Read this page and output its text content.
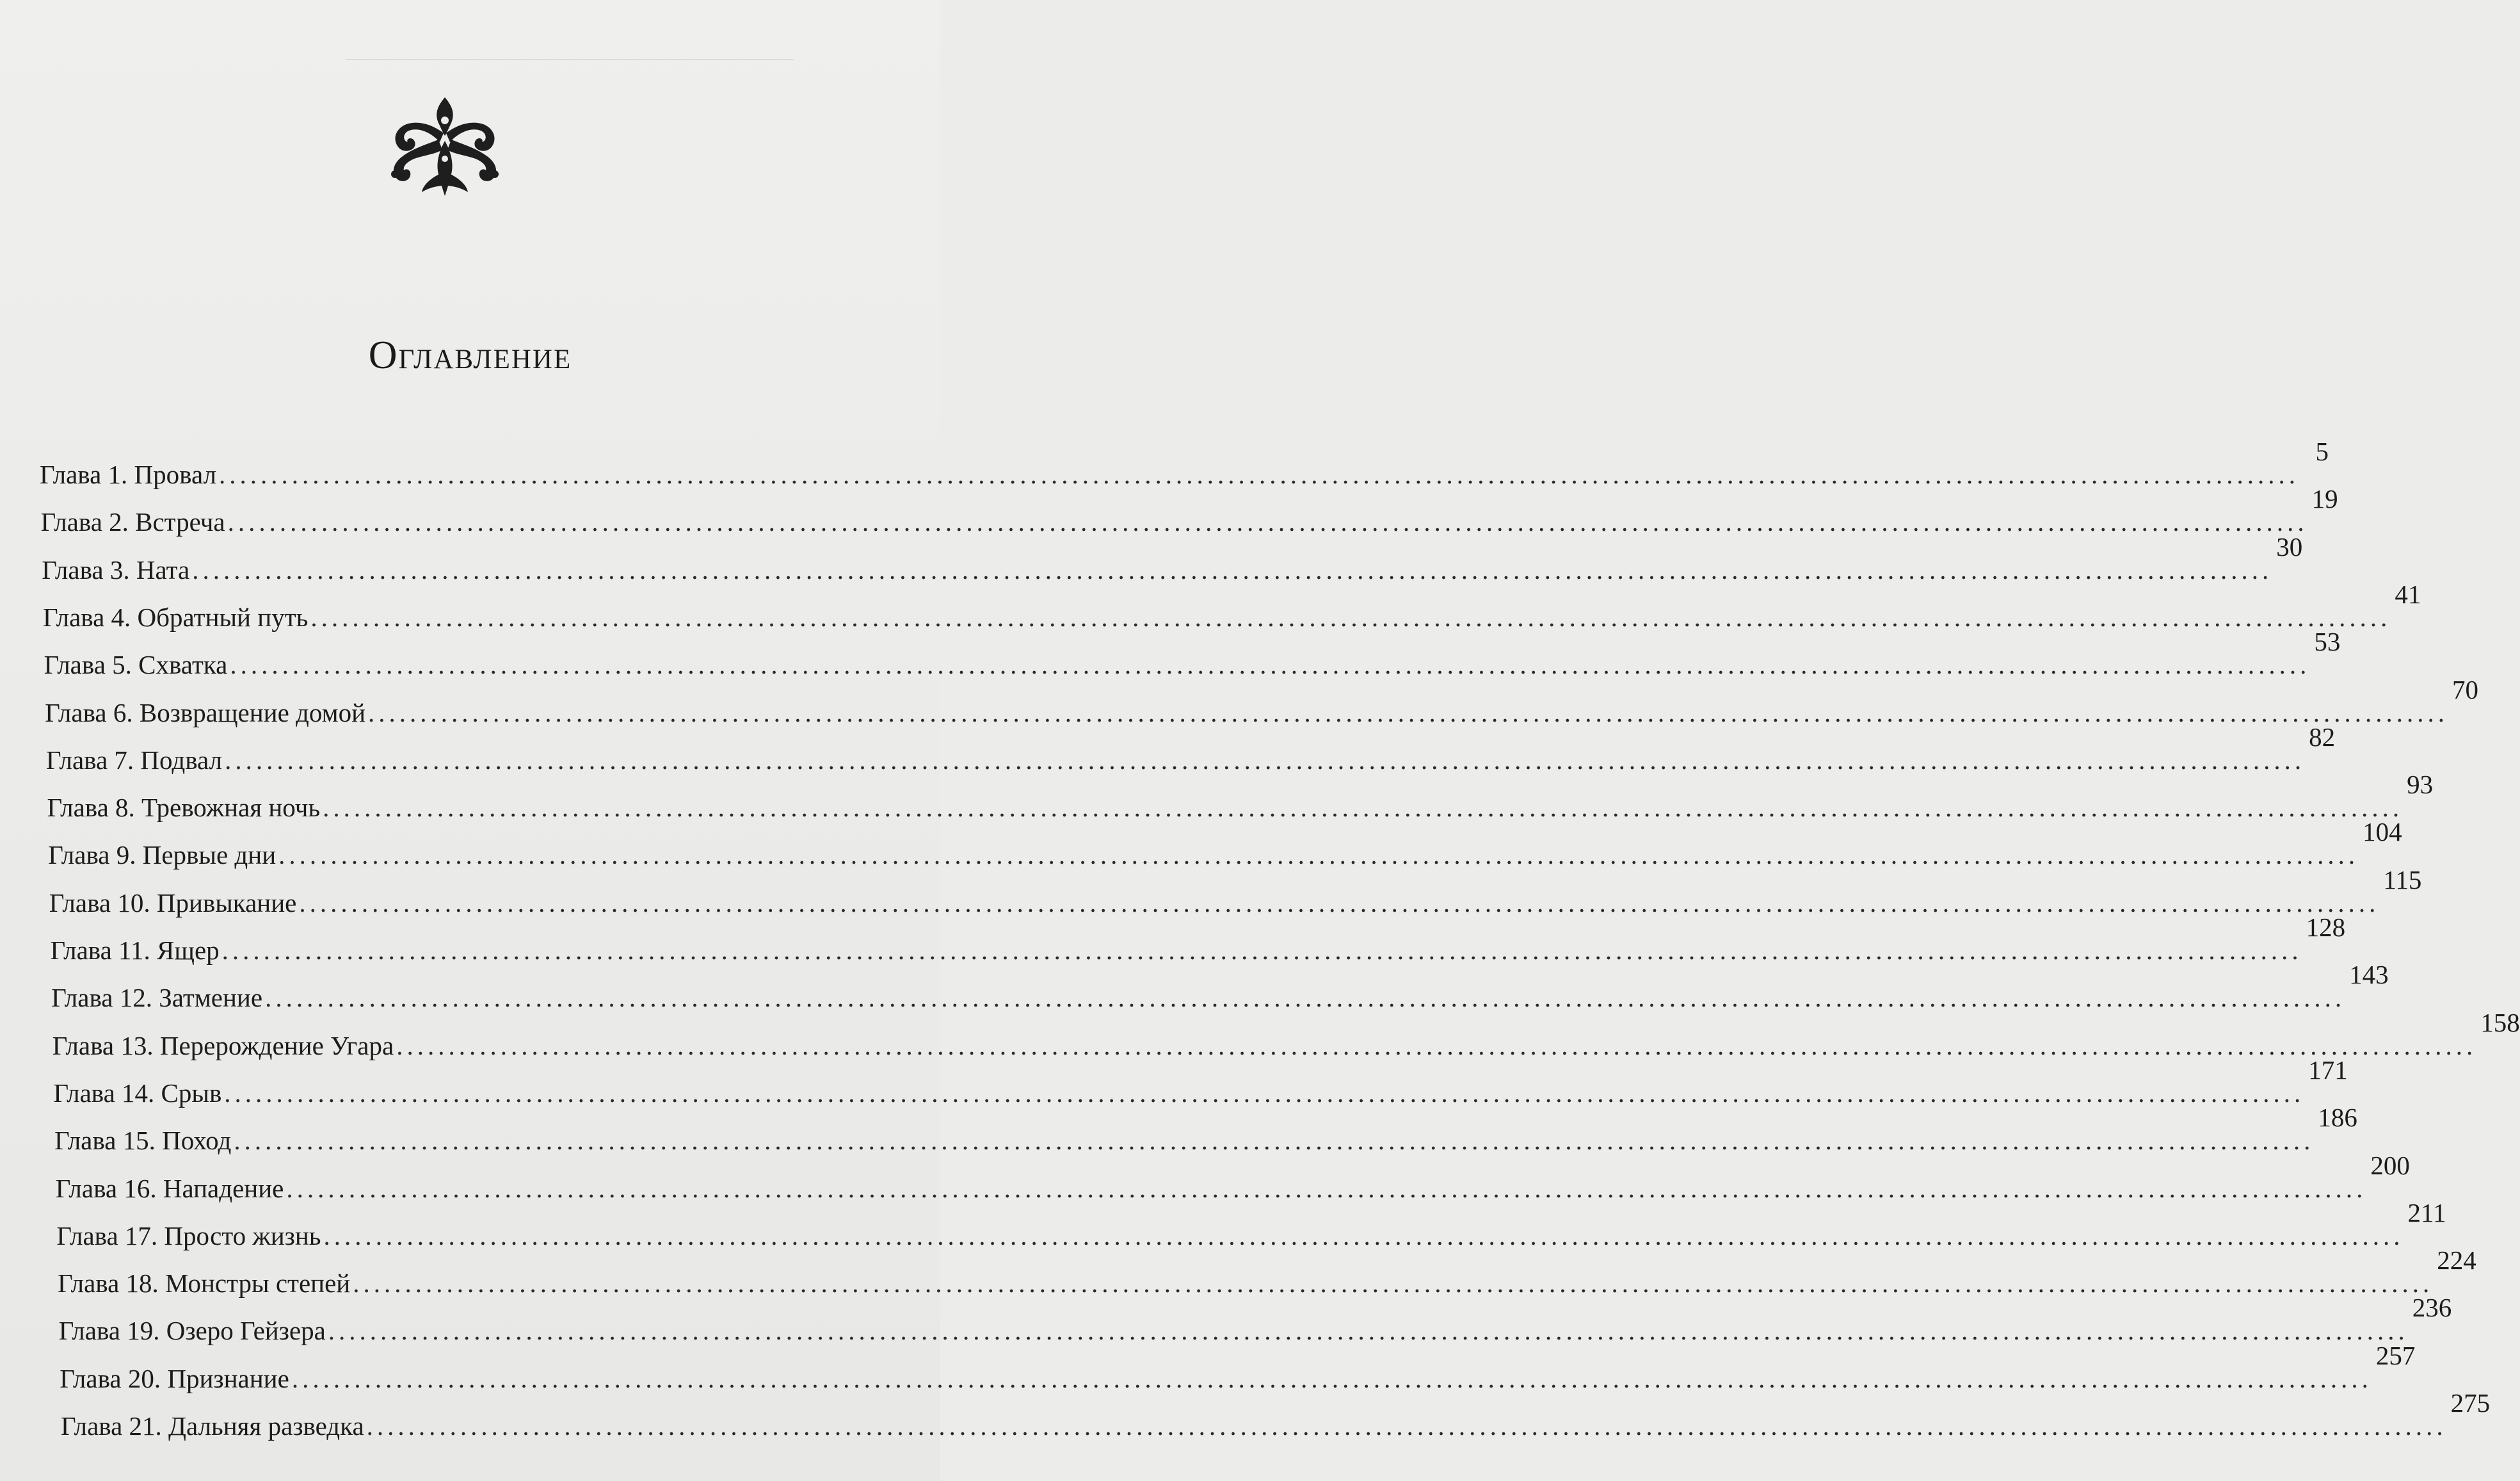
Оглавление
Глава 1. Провал ........................................................................................................................................................................................................
5
Глава 2. Встреча ........................................................................................................................................................................................................
19
Глава 3. Ната ........................................................................................................................................................................................................
30
Глава 4. Обратный путь ........................................................................................................................................................................................................
41
Глава 5. Схватка ........................................................................................................................................................................................................
53
Глава 6. Возвращение домой ........................................................................................................................................................................................................
70
Глава 7. Подвал ........................................................................................................................................................................................................
82
Глава 8. Тревожная ночь ........................................................................................................................................................................................................
93
Глава 9. Первые дни ........................................................................................................................................................................................................
104
Глава 10. Привыкание ........................................................................................................................................................................................................
115
Глава 11. Ящер ........................................................................................................................................................................................................
128
Глава 12. Затмение ........................................................................................................................................................................................................
143
Глава 13. Перерождение Угара ........................................................................................................................................................................................................
158
Глава 14. Срыв ........................................................................................................................................................................................................
171
Глава 15. Поход ........................................................................................................................................................................................................
186
Глава 16. Нападение ........................................................................................................................................................................................................
200
Глава 17. Просто жизнь ........................................................................................................................................................................................................
211
Глава 18. Монстры степей ........................................................................................................................................................................................................
224
Глава 19. Озеро Гейзера ........................................................................................................................................................................................................
236
Глава 20. Признание ........................................................................................................................................................................................................
257
Глава 21. Дальняя разведка ........................................................................................................................................................................................................
275
